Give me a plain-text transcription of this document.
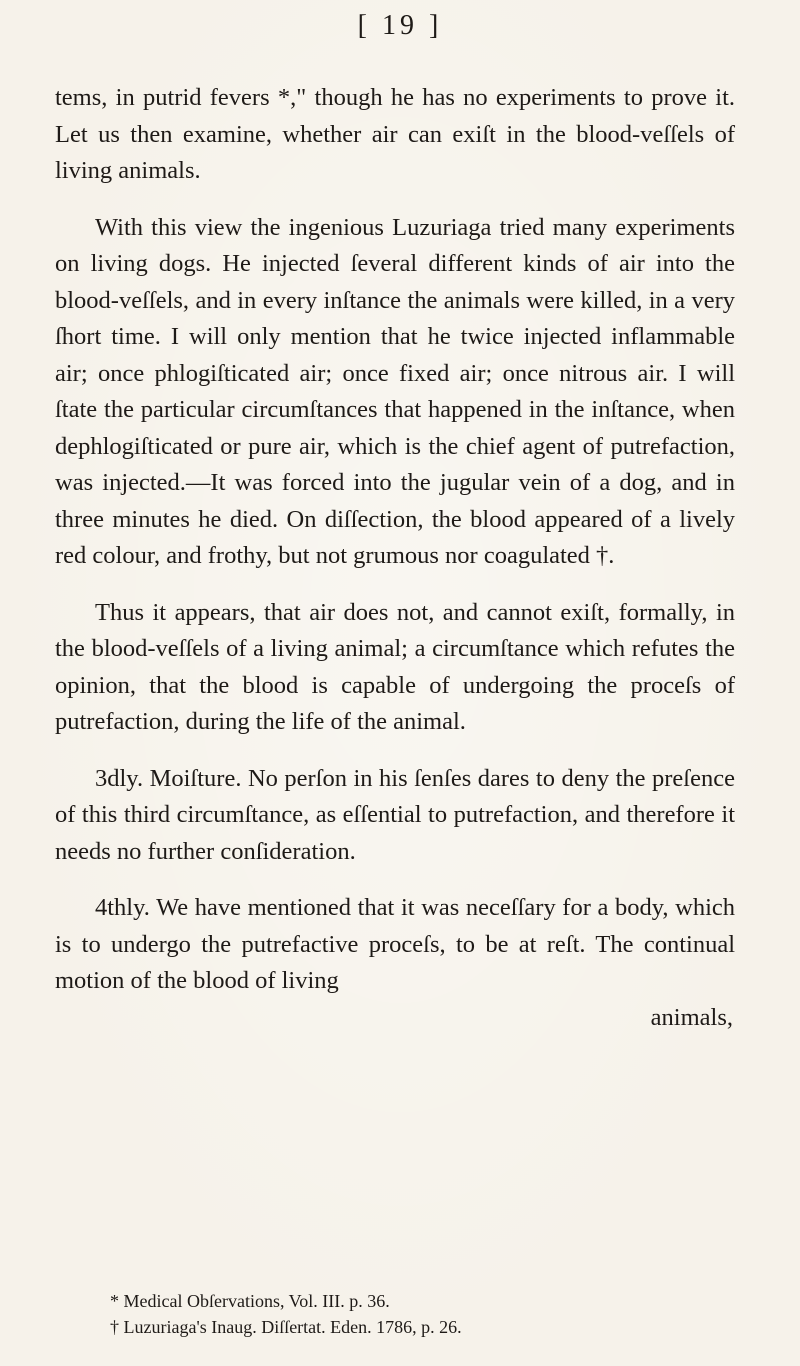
[ 19 ]

tems, in putrid fevers *," though he has no experiments to prove it. Let us then examine, whether air can exiſt in the blood-veſſels of living animals.

With this view the ingenious Luzuriaga tried many experiments on living dogs. He injected ſeveral different kinds of air into the blood-veſſels, and in every inſtance the animals were killed, in a very ſhort time. I will only mention that he twice injected inflammable air; once phlogiſticated air; once fixed air; once nitrous air. I will ſtate the particular circumſtances that happened in the inſtance, when dephlogiſticated or pure air, which is the chief agent of putrefaction, was injected.—It was forced into the jugular vein of a dog, and in three minutes he died. On diſſection, the blood appeared of a lively red colour, and frothy, but not grumous nor coagulated †.

Thus it appears, that air does not, and cannot exiſt, formally, in the blood-veſſels of a living animal; a circumſtance which refutes the opinion, that the blood is capable of undergoing the proceſs of putrefaction, during the life of the animal.

3dly. Moiſture. No perſon in his ſenſes dares to deny the preſence of this third circumſtance, as eſſential to putrefaction, and therefore it needs no further conſideration.

4thly. We have mentioned that it was neceſſary for a body, which is to undergo the putrefactive proceſs, to be at reſt. The continual motion of the blood of living

animals,

* Medical Obſervations, Vol. III. p. 36.

† Luzuriaga's Inaug. Diſſertat. Eden. 1786, p. 26.
